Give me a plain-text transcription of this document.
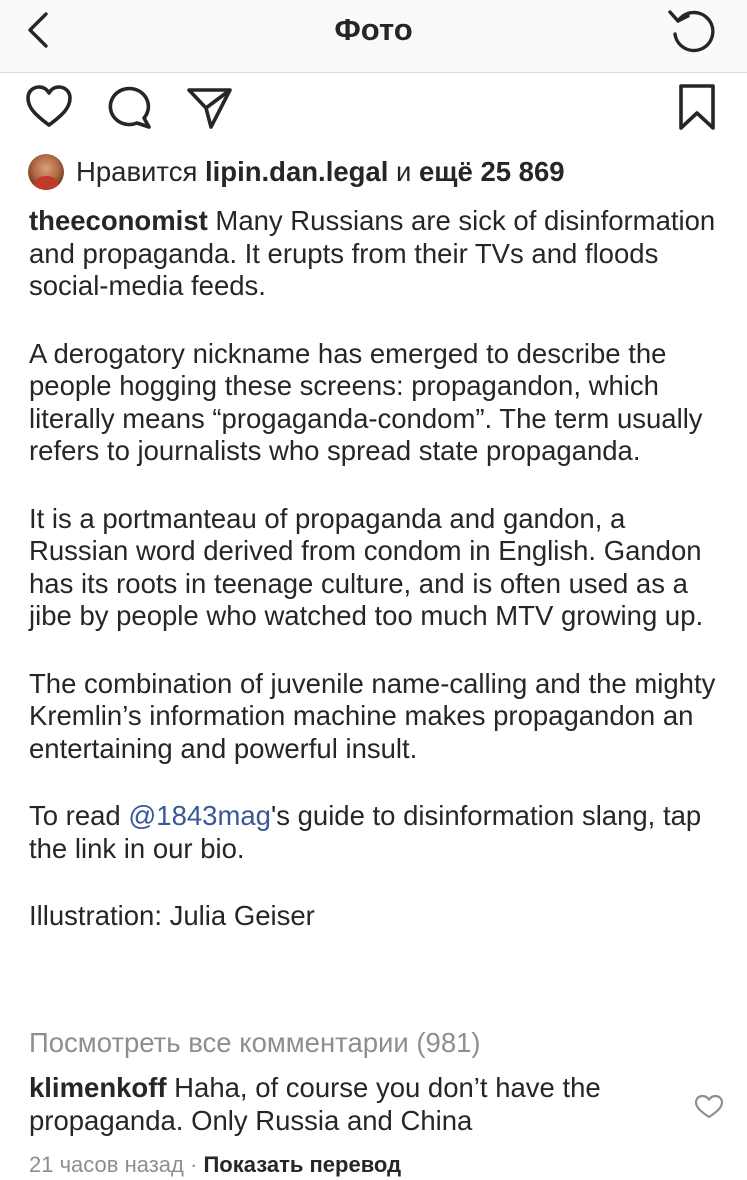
Фото
Нравится lipin.dan.legal и ещё 25 869

theeconomist Many Russians are sick of disinformation and propaganda. It erupts from their TVs and floods social-media feeds.

A derogatory nickname has emerged to describe the people hogging these screens: propagandon, which literally means “progaganda-condom”. The term usually refers to journalists who spread state propaganda.

It is a portmanteau of propaganda and gandon, a Russian word derived from condom in English. Gandon has its roots in teenage culture, and is often used as a jibe by people who watched too much MTV growing up.

The combination of juvenile name-calling and the mighty Kremlin’s information machine makes propagandon an entertaining and powerful insult.

To read @1843mag's guide to disinformation slang, tap the link in our bio.

Illustration: Julia Geiser

Посмотреть все комментарии (981)
klimenkoff Haha, of course you don’t have the propaganda. Only Russia and China
21 часов назад · Показать перевод
